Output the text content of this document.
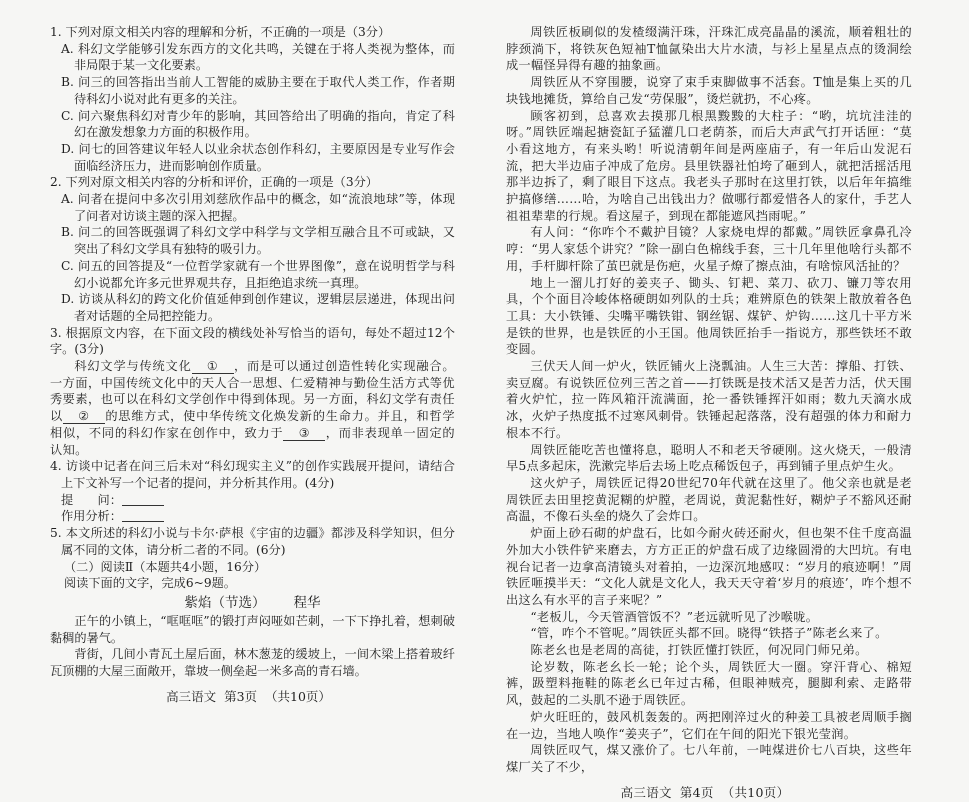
1. 下列对原文相关内容的理解和分析，不正确的一项是（3分）

A. 科幻文学能够引发东西方的文化共鸣，关键在于将人类视为整体，而非局限于某一文化要素。

B. 问三的回答指出当前人工智能的威胁主要在于取代人类工作，作者期待科幻小说对此有更多的关注。

C. 问六聚焦科幻对青少年的影响，其回答给出了明确的指向，肯定了科幻在激发想象力方面的积极作用。

D. 问七的回答建议年轻人以业余状态创作科幻，主要原因是专业写作会面临经济压力，进而影响创作质量。

2. 下列对原文相关内容的分析和评价，正确的一项是（3分）

A. 问者在提问中多次引用刘慈欣作品中的概念，如“流浪地球”等，体现了问者对访谈主题的深入把握。

B. 问二的回答既强调了科幻文学中科学与文学相互融合且不可或缺，又突出了科幻文学具有独特的吸引力。

C. 问五的回答提及“一位哲学家就有一个世界图像”，意在说明哲学与科幻小说都允许多元世界观共存，且拒绝追求统一真理。

D. 访谈从科幻的跨文化价值延伸到创作建议，逻辑层层递进，体现出问者对话题的全局把控能力。

3. 根据原文内容，在下面文段的横线处补写恰当的语句，每处不超过12个字。(3分)

科幻文学与传统文化 ① ，而是可以通过创造性转化实现融合。一方面，中国传统文化中的天人合一思想、仁爱精神与勤俭生活方式等优秀要素，也可以在科幻文学创作中得到体现。另一方面，科幻文学有责任以 ② 的思维方式，使中华传统文化焕发新的生命力。并且，和哲学相似，不同的科幻作家在创作中，致力于 ③ ，而非表现单一固定的认知。

4. 访谈中记者在问三后未对“科幻现实主义”的创作实践展开提问，请结合上下文补写一个记者的提问，并分析其作用。(4分)

提　　问：

作用分析：

5. 本文所述的科幻小说与卡尔·萨根《宇宙的边疆》都涉及科学知识，但分属不同的文体，请分析二者的不同。(6分)

（二）阅读Ⅱ（本题共4小题，16分）

阅读下面的文字，完成6~9题。

紫焰（节选） 程华

正午的小镇上，“哐哐哐”的锻打声闷哑如芒刺，一下下挣扎着，想刺破黏稠的暑气。

背街，几间小青瓦土屋后面，林木葱茏的缓坡上，一间木梁上搭着玻纤瓦顶棚的大屋三面敞开，靠坡一侧垒起一米多高的青石墙。

高三语文 第3页 （共10页）

周铁匠板刷似的发楂缀满汗珠，汗珠汇成亮晶晶的溪流，顺着粗壮的脖颈淌下，将铁灰色短袖T恤氤染出大片水渍，与衫上星星点点的烫洞绘成一幅怪异得有趣的抽象画。

周铁匠从不穿围腰，说穿了束手束脚做事不活套。T恤是集上买的几块钱地摊货，算给自己发“劳保服”，烫烂就扔，不心疼。

顾客初到，总喜欢去摸那几根黑黢黢的大柱子：“哟，坑坑洼洼的呀。”周铁匠端起搪瓷缸子猛灌几口老荫茶，而后大声武气打开话匣：“莫小看这地方，有来头哟！听说清朝年间是两座庙子，有一年后山发泥石流，把大半边庙子冲成了危房。县里铁器社怕垮了砸到人，就把活摇活甩那半边拆了，剩了眼目下这点。我老头子那时在这里打铁，以后年年搞维护搞修缮……哈，为啥自己出钱出力？做哪行都爱惜各人的家什，手艺人祖祖辈辈的行规。看这屋子，到现在都能遮风挡雨呢。”

有人问：“你咋个不戴护目镜？人家烧电焊的都戴。”周铁匠拿鼻孔冷哼：“男人家恁个讲究？”除一副白色棉线手套，三十几年里他啥行头都不用，手杆脚杆除了茧巴就是伤疤，火星子燎了擦点油，有啥惊风活扯的？

地上一溜儿打好的姜夹子、锄头、钉耙、菜刀、砍刀、镰刀等农用具，个个面目冷峻体格硬朗如列队的士兵；难辨原色的铁架上散放着各色工具：大小铁锤、尖嘴平嘴铁钳、钢丝锯、煤铲、炉钩……这几十平方米是铁的世界，也是铁匠的小王国。他周铁匠抬手一指说方，那些铁坯不敢变圆。

三伏天人间一炉火，铁匠铺火上浇瓢油。人生三大苦：撑船、打铁、卖豆腐。有说铁匠位列三苦之首——打铁既是技术活又是苦力活，伏天围着火炉忙，拉一阵风箱汗流满面，抡一番铁锤挥汗如雨；数九天滴水成冰，火炉子热度抵不过寒风刺骨。铁锤起起落落，没有超强的体力和耐力根本不行。

周铁匠能吃苦也懂将息，聪明人不和老天爷硬刚。这火烧天，一般清早5点多起床，洗漱完毕后去场上吃点稀饭包子，再到铺子里点炉生火。

这火炉子，周铁匠记得20世纪70年代就在这里了。他父亲也就是老周铁匠去田里挖黄泥糊的炉膛，老周说，黄泥黏性好，糊炉子不豁风还耐高温，不像石头垒的烧久了会炸口。

炉面上砂石砌的炉盘石，比如今耐火砖还耐火，但也架不住千度高温外加大小铁件铲来磨去，方方正正的炉盘石成了边缘圆滑的大凹坑。有电视台记者一边拿高清镜头对着拍，一边深沉地感叹：“岁月的痕迹啊！”周铁匠咂摸半天：“文化人就是文化人，我天天守着‘岁月的痕迹’，咋个想不出这么有水平的言子来呢？”

“老板儿，今天管酒管饭不？”老远就听见了沙喉咙。

“管，咋个不管呢。”周铁匠头都不回。晓得“铁搭子”陈老幺来了。

陈老幺也是老周的高徒，打铁匠懂打铁匠，何况同门师兄弟。

论岁数，陈老幺长一轮；论个头，周铁匠大一圈。穿汗背心、棉短裤，趿塑料拖鞋的陈老幺已年过古稀，但眼神贼亮，腿脚利索、走路带风，鼓起的二头肌不逊于周铁匠。

炉火旺旺的，鼓风机轰轰的。两把刚淬过火的种姜工具被老周顺手搁在一边，当地人唤作“姜夹子”，它们在午间的阳光下银光莹润。

周铁匠叹气，煤又涨价了。七八年前，一吨煤进价七八百块，这些年煤厂关了不少，

高三语文 第4页 （共10页）
